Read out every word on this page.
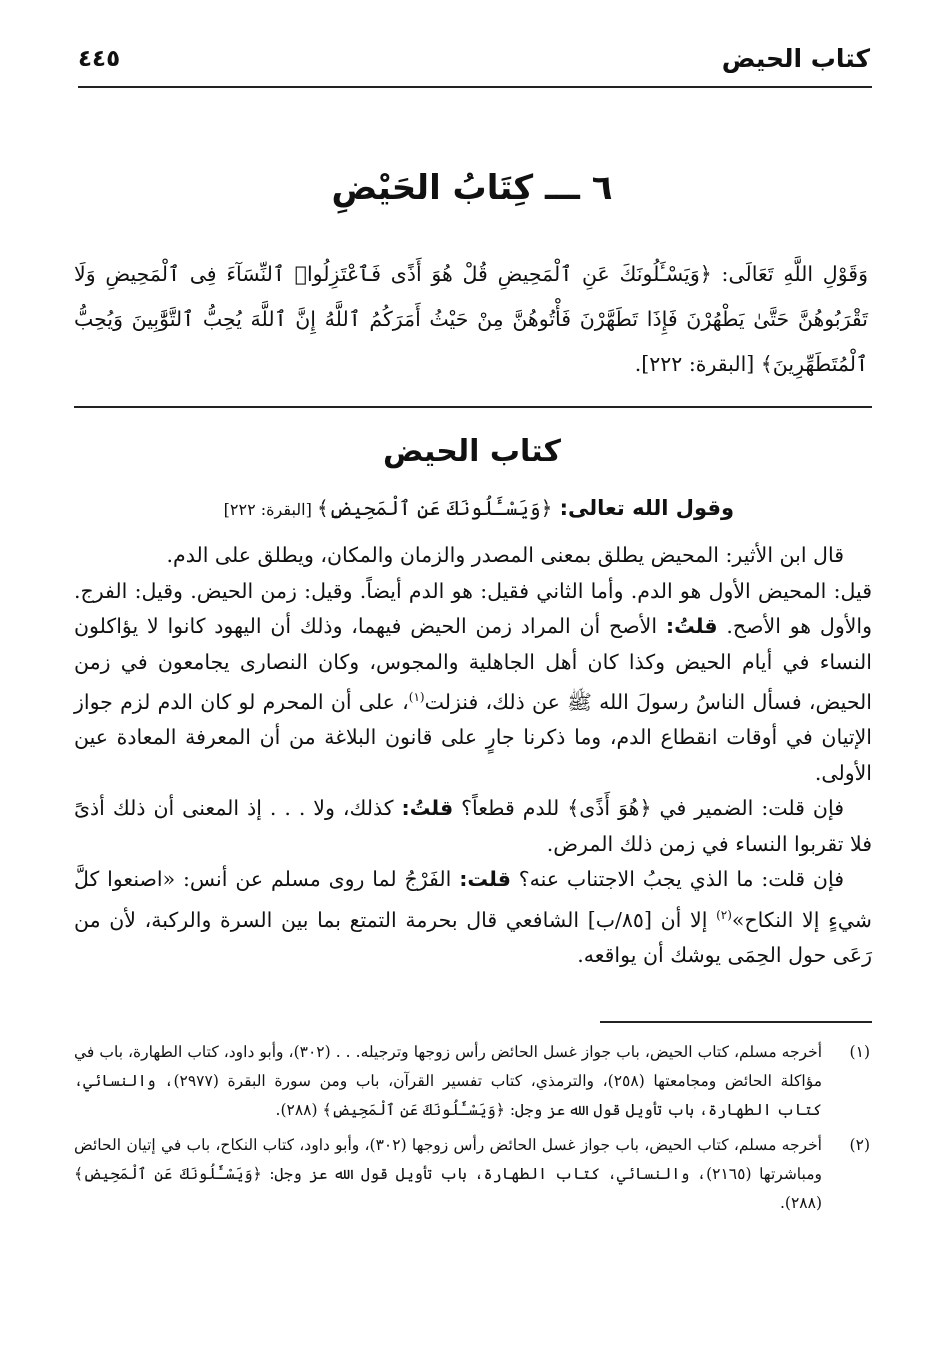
كتاب الحيض
٤٤٥
٦ ـــ كِتَابُ الحَيْضِ
وَقَوْلِ اللَّهِ تَعَالَى: ﴿وَيَسْـَٔلُونَكَ عَنِ ٱلْمَحِيضِ قُلْ هُوَ أَذًى فَٱعْتَزِلُوا۟ ٱلنِّسَآءَ فِى ٱلْمَحِيضِ وَلَا تَقْرَبُوهُنَّ حَتَّىٰ يَطْهُرْنَ فَإِذَا تَطَهَّرْنَ فَأْتُوهُنَّ مِنْ حَيْثُ أَمَرَكُمُ ٱللَّهُ إِنَّ ٱللَّهَ يُحِبُّ ٱلتَّوَّٰبِينَ وَيُحِبُّ ٱلْمُتَطَهِّرِينَ﴾ [البقرة: ٢٢٢].
كتاب الحيض
وقول الله تعالى: ﴿وَيَسْـَٔلُونَكَ عَنِ ٱلْمَحِيضِ﴾ [البقرة: ٢٢٢]

قال ابن الأثير: المحيض يطلق بمعنى المصدر والزمان والمكان، ويطلق على الدم.

قيل: المحيض الأول هو الدم. وأما الثاني فقيل: هو الدم أيضاً. وقيل: زمن الحيض. وقيل: الفرج. والأول هو الأصح. قلتُ: الأصح أن المراد زمن الحيض فيهما، وذلك أن اليهود كانوا لا يؤاكلون النساء في أيام الحيض وكذا كان أهل الجاهلية والمجوس، وكان النصارى يجامعون في زمن الحيض، فسأل الناسُ رسولَ الله ﷺ عن ذلك، فنزلت$^{(١)}$، على أن المحرم لو كان الدم لزم جواز الإتيان في أوقات انقطاع الدم، وما ذكرنا جارٍ على قانون البلاغة من أن المعرفة المعادة عين الأولى.

فإن قلت: الضمير في ﴿هُوَ أَذًى﴾ للدم قطعاً؟ قلتُ: كذلك، ولا . . . إذ المعنى أن ذلك أذىً فلا تقربوا النساء في زمن ذلك المرض.

فإن قلت: ما الذي يجبُ الاجتناب عنه؟ قلت: الفَرْجُ لما روى مسلم عن أنس: «اصنعوا كلَّ شيءٍ إلا النكاح»$^{(٢)}$ إلا أن [٨٥/ب] الشافعي قال بحرمة التمتع بما بين السرة والركبة، لأن من رَعَى حول الحِمَى يوشك أن يواقعه.

(١)
أخرجه مسلم، كتاب الحيض، باب جواز غسل الحائض رأس زوجها وترجيله. . . (٣٠٢)، وأبو داود، كتاب الطهارة، باب في مؤاكلة الحائض ومجامعتها (٢٥٨)، والترمذي، كتاب تفسير القرآن، باب ومن سورة البقرة (٢٩٧٧)، والنسائي، كتاب الطهارة، باب تأويل قول الله عز وجل: ﴿وَيَسْـَٔلُونَكَ عَنِ ٱلْمَحِيضِ﴾ (٢٨٨).
(٢)
أخرجه مسلم، كتاب الحيض، باب جواز غسل الحائض رأس زوجها (٣٠٢)، وأبو داود، كتاب النكاح، باب في إتيان الحائض ومباشرتها (٢١٦٥)، والنسائي، كتاب الطهارة، باب تأويل قول الله عز وجل: ﴿وَيَسْـَٔلُونَكَ عَنِ ٱلْمَحِيضِ﴾ (٢٨٨).
